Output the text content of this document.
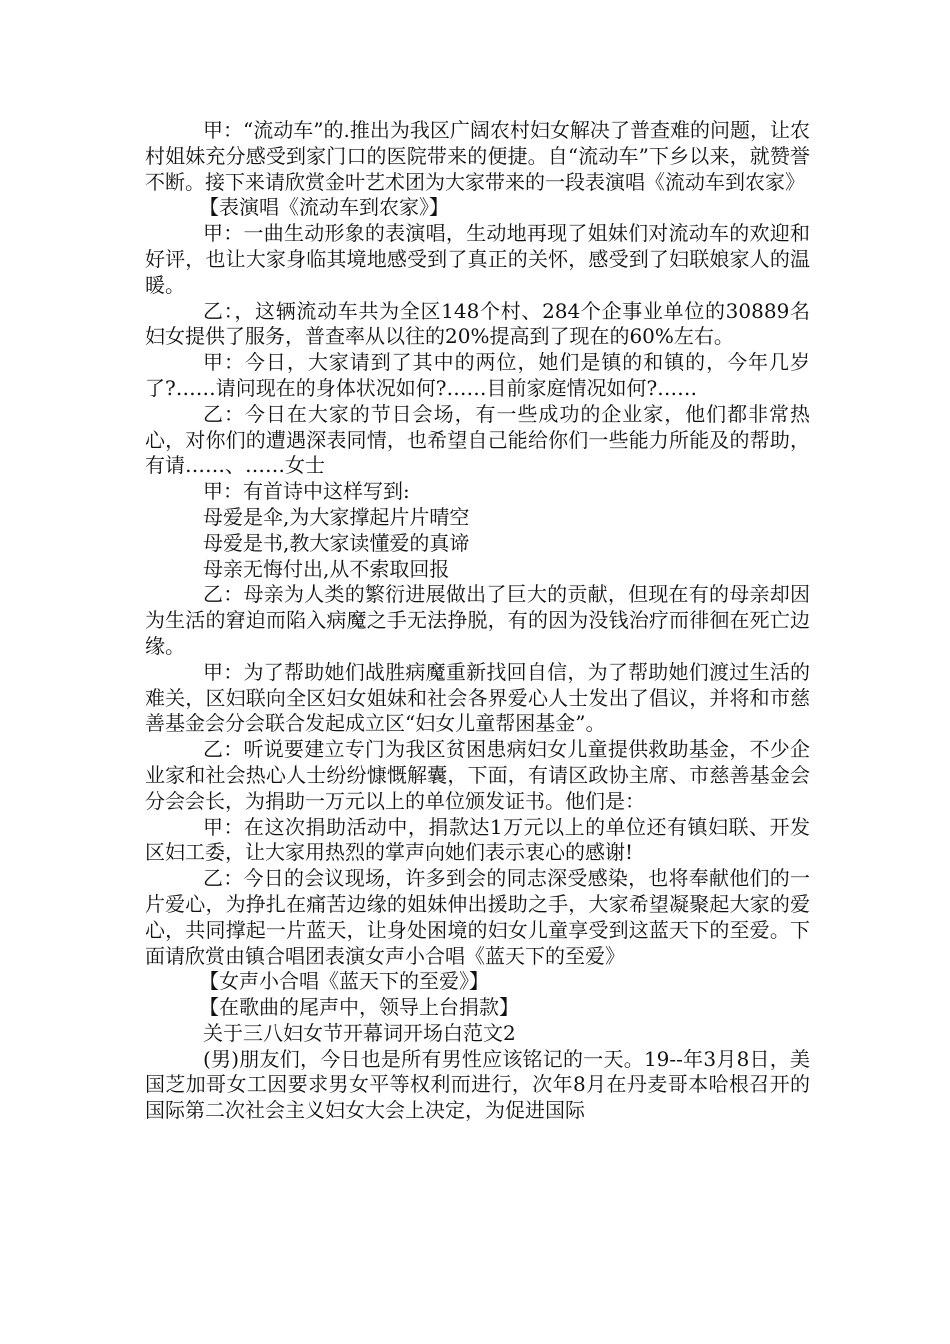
甲：“流动车”的.推出为我区广阔农村妇女解决了普查难的问题，让农村姐妹充分感受到家门口的医院带来的便捷。自“流动车”下乡以来，就赞誉不断。接下来请欣赏金叶艺术团为大家带来的一段表演唱《流动车到农家》

【表演唱《流动车到农家》】

甲：一曲生动形象的表演唱，生动地再现了姐妹们对流动车的欢迎和好评，也让大家身临其境地感受到了真正的关怀，感受到了妇联娘家人的温暖。

乙：，这辆流动车共为全区148个村、284个企事业单位的30889名妇女提供了服务，普查率从以往的20%提高到了现在的60%左右。

甲：今日，大家请到了其中的两位，她们是镇的和镇的，今年几岁了?……请问现在的身体状况如何?……目前家庭情况如何?……

乙：今日在大家的节日会场，有一些成功的企业家，他们都非常热心，对你们的遭遇深表同情，也希望自己能给你们一些能力所能及的帮助，有请……、……女士

甲：有首诗中这样写到:

母爱是伞,为大家撑起片片晴空

母爱是书,教大家读懂爱的真谛

母亲无悔付出,从不索取回报

乙：母亲为人类的繁衍进展做出了巨大的贡献，但现在有的母亲却因为生活的窘迫而陷入病魔之手无法挣脱，有的因为没钱治疗而徘徊在死亡边缘。

甲：为了帮助她们战胜病魔重新找回自信，为了帮助她们渡过生活的难关，区妇联向全区妇女姐妹和社会各界爱心人士发出了倡议，并将和市慈善基金会分会联合发起成立区“妇女儿童帮困基金”。

乙：听说要建立专门为我区贫困患病妇女儿童提供救助基金，不少企业家和社会热心人士纷纷慷慨解囊，下面，有请区政协主席、市慈善基金会分会会长，为捐助一万元以上的单位颁发证书。他们是：

甲：在这次捐助活动中，捐款达1万元以上的单位还有镇妇联、开发区妇工委，让大家用热烈的掌声向她们表示衷心的感谢!

乙：今日的会议现场，许多到会的同志深受感染，也将奉献他们的一片爱心，为挣扎在痛苦边缘的姐妹伸出援助之手，大家希望凝聚起大家的爱心，共同撑起一片蓝天，让身处困境的妇女儿童享受到这蓝天下的至爱。下面请欣赏由镇合唱团表演女声小合唱《蓝天下的至爱》

【女声小合唱《蓝天下的至爱》】

【在歌曲的尾声中，领导上台捐款】

关于三八妇女节开幕词开场白范文2

(男)朋友们，今日也是所有男性应该铭记的一天。19--年3月8日，美国芝加哥女工因要求男女平等权利而进行，次年8月在丹麦哥本哈根召开的国际第二次社会主义妇女大会上决定，为促进国际
